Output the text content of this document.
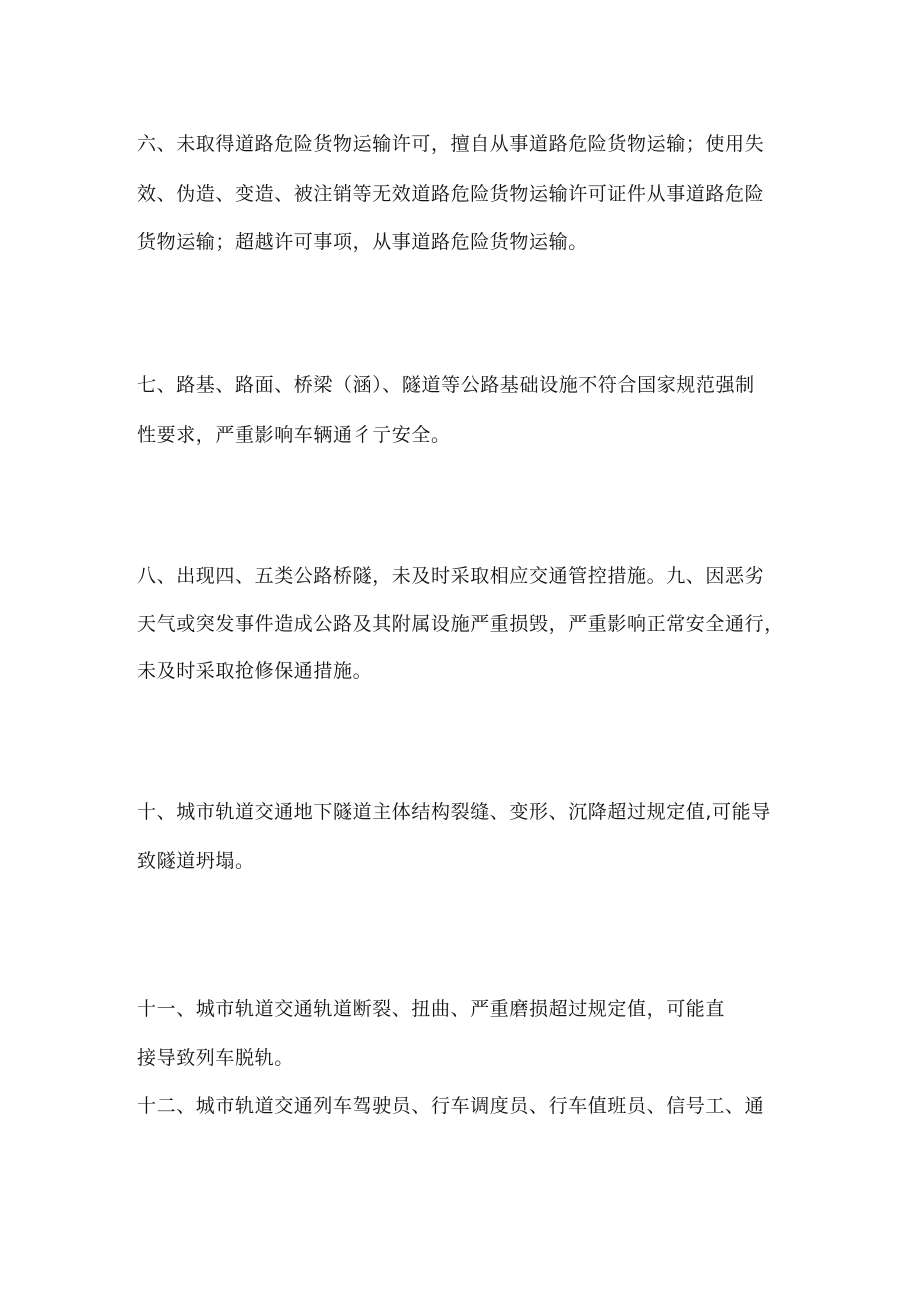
六、未取得道路危险货物运输许可，擅自从事道路危险货物运输；使用失
效、伪造、变造、被注销等无效道路危险货物运输许可证件从事道路危险
货物运输；超越许可事项，从事道路危险货物运输。
七、路基、路面、桥梁（涵）、隧道等公路基础设施不符合国家规范强制
性要求，严重影响车辆通彳亍安全。
八、出现四、五类公路桥隧，未及时采取相应交通管控措施。九、因恶劣
天气或突发事件造成公路及其附属设施严重损毁，严重影响正常安全通行，
未及时采取抢修保通措施。
十、城市轨道交通地下隧道主体结构裂缝、变形、沉降超过规定值,可能导
致隧道坍塌。
十一、城市轨道交通轨道断裂、扭曲、严重磨损超过规定值，可能直
接导致列车脱轨。
十二、城市轨道交通列车驾驶员、行车调度员、行车值班员、信号工、通
